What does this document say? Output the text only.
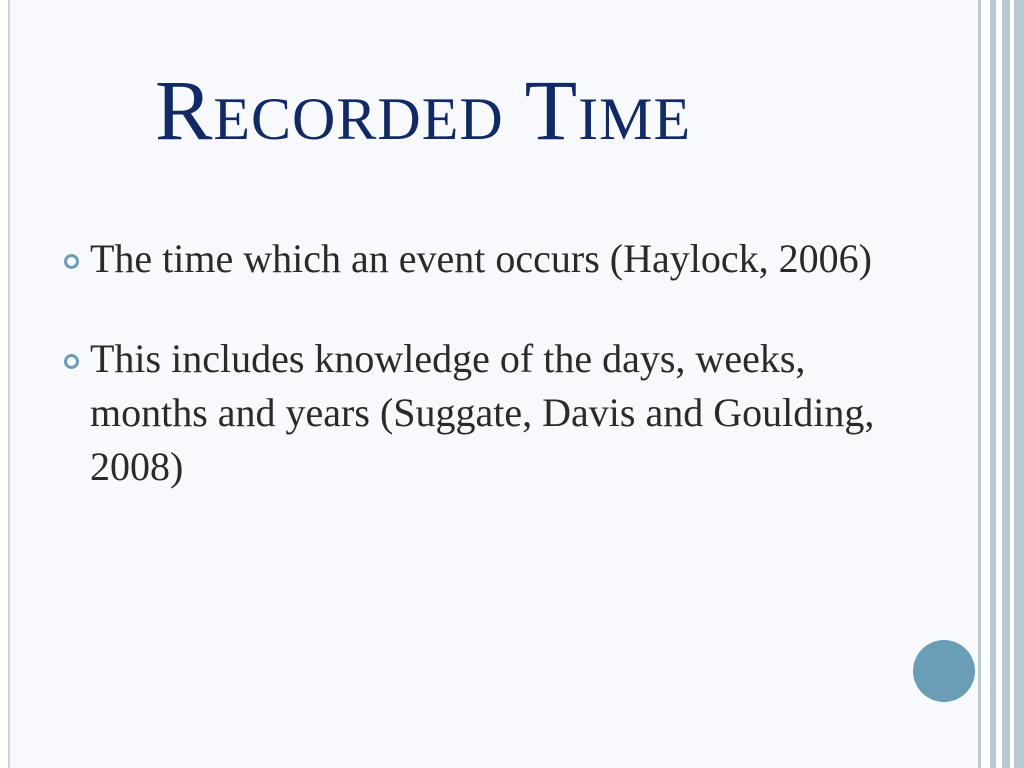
Recorded Time
The time which an event occurs (Haylock, 2006)
This includes knowledge of the days, weeks, months and years (Suggate, Davis and Goulding, 2008)
